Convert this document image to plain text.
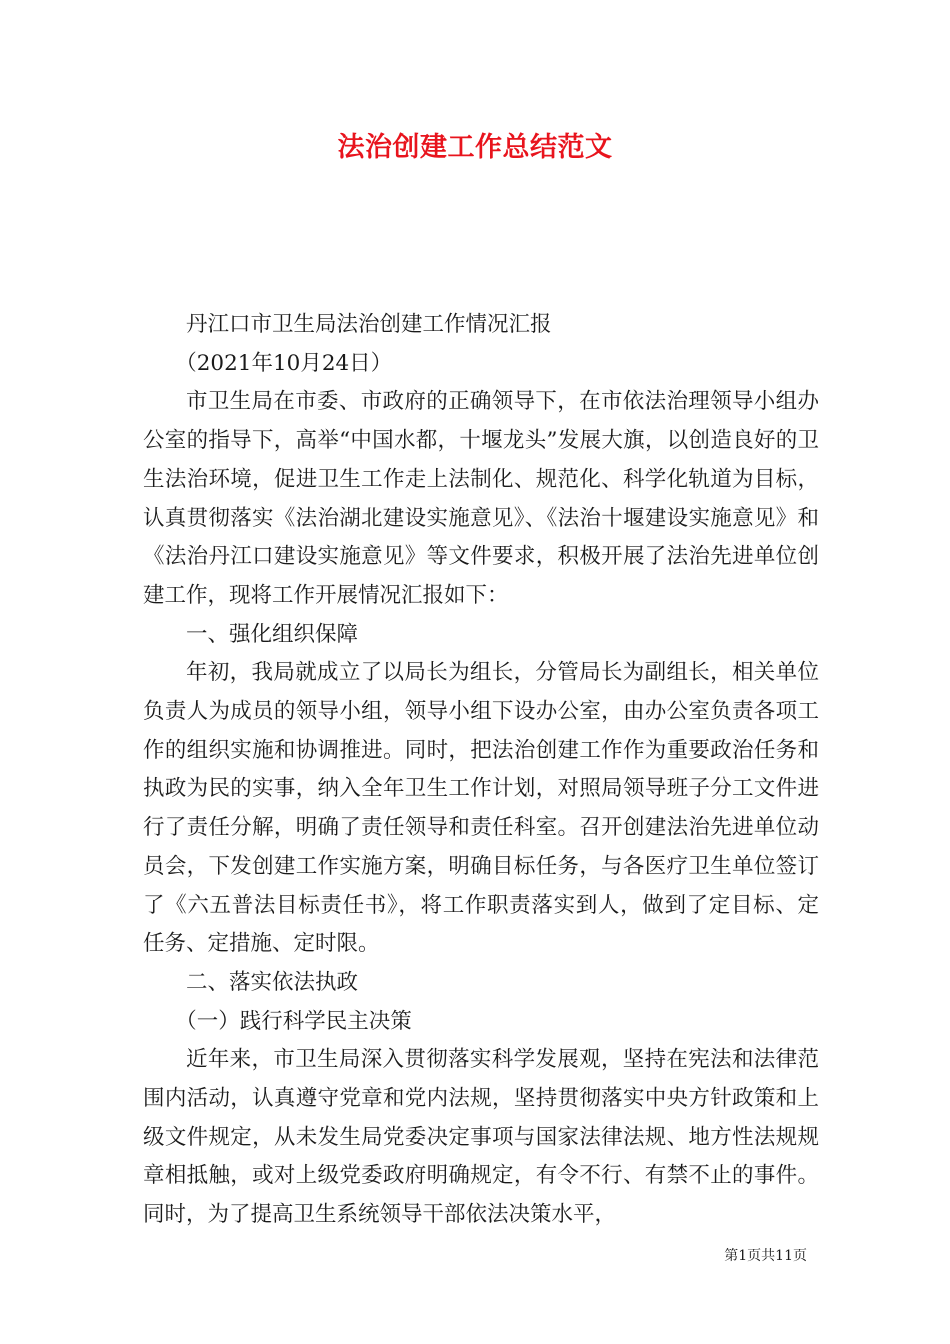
法治创建工作总结范文

丹江口市卫生局法治创建工作情况汇报

（2021年10月24日）

市卫生局在市委、市政府的正确领导下，在市依法治理领导小组办公室的指导下，高举“中国水都，十堰龙头”发展大旗，以创造良好的卫生法治环境，促进卫生工作走上法制化、规范化、科学化轨道为目标，认真贯彻落实《法治湖北建设实施意见》、《法治十堰建设实施意见》和《法治丹江口建设实施意见》等文件要求，积极开展了法治先进单位创建工作，现将工作开展情况汇报如下：

一、强化组织保障

年初，我局就成立了以局长为组长，分管局长为副组长，相关单位负责人为成员的领导小组，领导小组下设办公室，由办公室负责各项工作的组织实施和协调推进。同时，把法治创建工作作为重要政治任务和执政为民的实事，纳入全年卫生工作计划，对照局领导班子分工文件进行了责任分解，明确了责任领导和责任科室。召开创建法治先进单位动员会，下发创建工作实施方案，明确目标任务，与各医疗卫生单位签订了《六五普法目标责任书》，将工作职责落实到人，做到了定目标、定任务、定措施、定时限。

二、落实依法执政

（一）践行科学民主决策

近年来，市卫生局深入贯彻落实科学发展观，坚持在宪法和法律范围内活动，认真遵守党章和党内法规，坚持贯彻落实中央方针政策和上级文件规定，从未发生局党委决定事项与国家法律法规、地方性法规规章相抵触，或对上级党委政府明确规定，有令不行、有禁不止的事件。同时，为了提高卫生系统领导干部依法决策水平，

第1页共11页
